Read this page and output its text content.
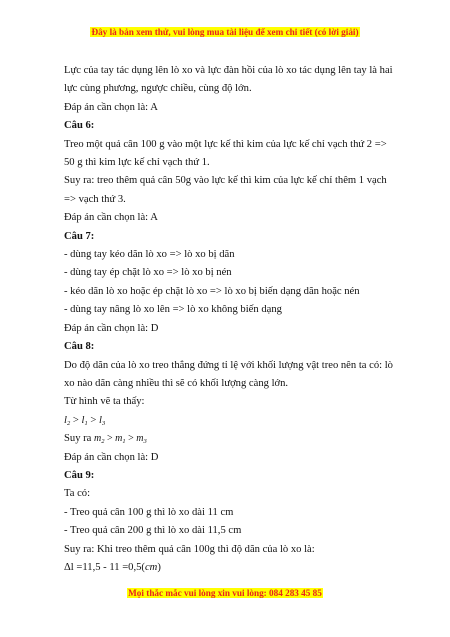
Đây là bản xem thử, vui lòng mua tài liệu để xem chi tiết (có lời giải)
Lực của tay tác dụng lên lò xo và lực đàn hồi của lò xo tác dụng lên tay là hai
lực cùng phương, ngược chiều, cùng độ lớn.
Đáp án cần chọn là: A
Câu 6:
Treo một quả cân 100 g vào một lực kế thì kim của lực kế chỉ vạch thứ 2 =>
50 g thì kim lực kế chỉ vạch thứ 1.
Suy ra: treo thêm quả cân 50g vào lực kế thì kim của lực kế chỉ thêm 1 vạch
=> vạch thứ 3.
Đáp án cần chọn là: A
Câu 7:
- dùng tay kéo dãn lò xo => lò xo bị dãn
- dùng tay ép chặt lò xo => lò xo bị nén
- kéo dãn lò xo hoặc ép chặt lò xo => lò xo bị biến dạng dãn hoặc nén
- dùng tay nâng lò xo lên => lò xo không biến dạng
Đáp án cần chọn là: D
Câu 8:
Do độ dãn của lò xo treo thẳng đứng tỉ lệ với khối lượng vật treo nên ta có: lò
xo nào dãn càng nhiều thì sẽ có khối lượng càng lớn.
Từ hình vẽ ta thấy:
$l_2 > l_1 > l_3$
Suy ra $m_2 > m_1 > m_3$
Đáp án cần chọn là: D
Câu 9:
Ta có:
- Treo quả cân 100 g thì lò xo dài 11 cm
- Treo quả cân 200 g thì lò xo dài 11,5 cm
Suy ra: Khi treo thêm quả cân 100g thì độ dãn của lò xo là:
Δl =11,5 - 11 =0,5(cm)
Mọi thắc mắc vui lòng xin vui lòng: 084 283 45 85
